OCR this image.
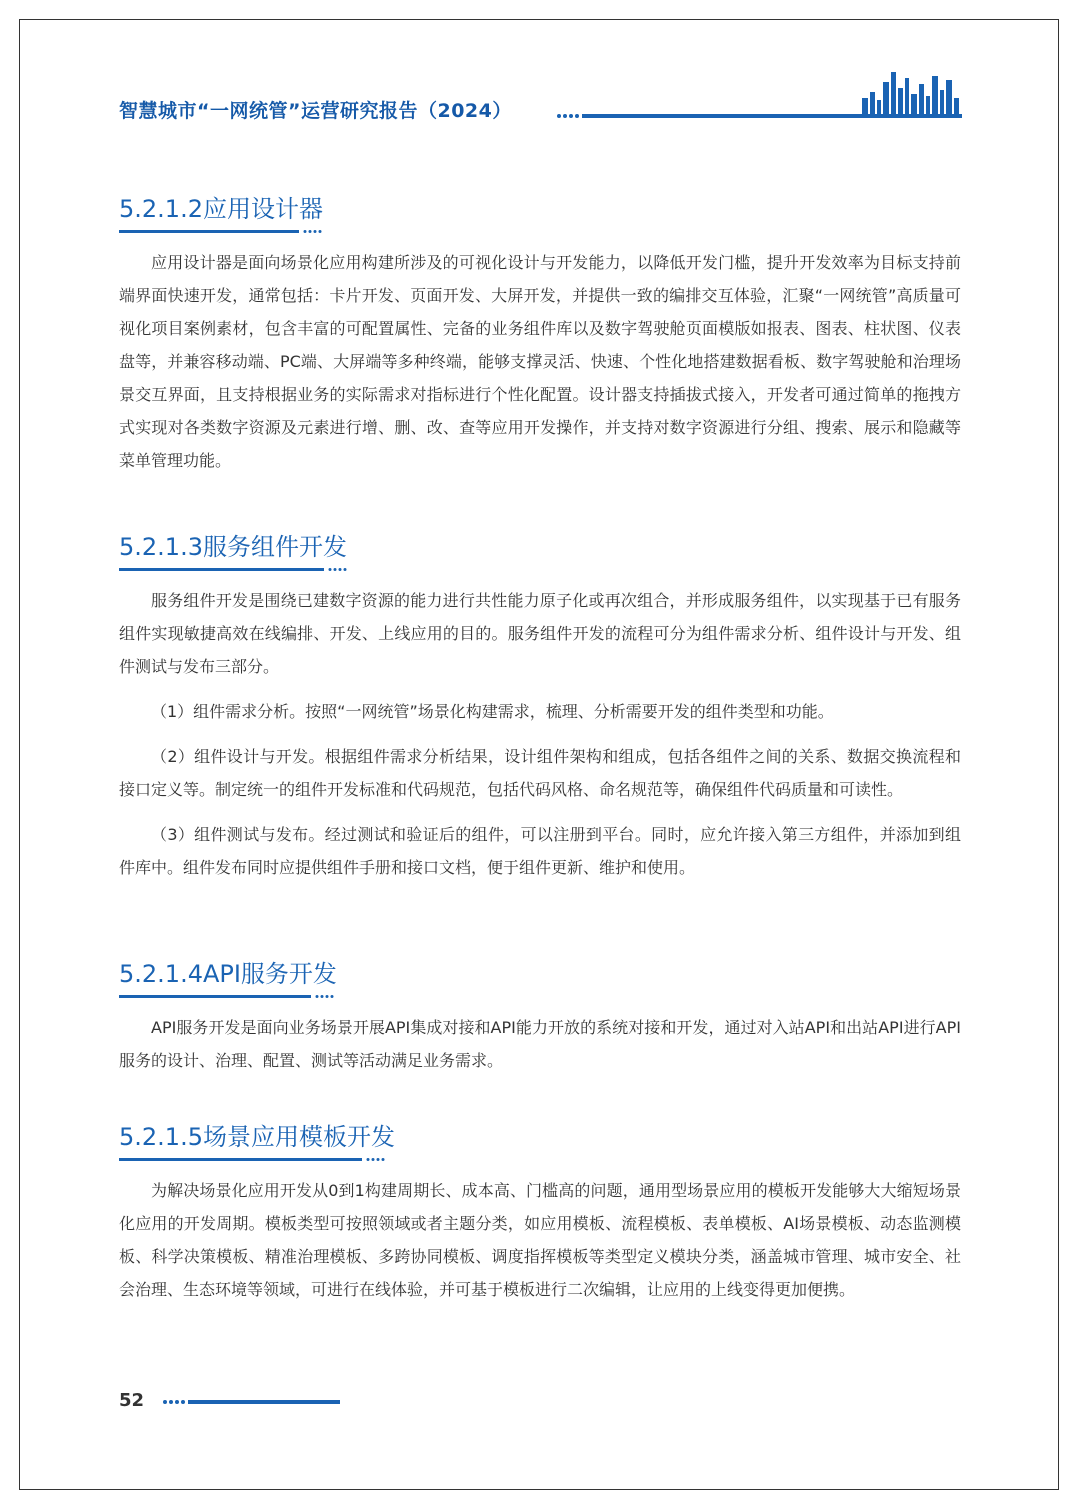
智慧城市“一网统管”运营研究报告（2024）
5.2.1.2应用设计器

应用设计器是面向场景化应用构建所涉及的可视化设计与开发能力，以降低开发门槛，提升开发效率为目标支持前端界面快速开发，通常包括：卡片开发、页面开发、大屏开发，并提供一致的编排交互体验，汇聚“一网统管”高质量可视化项目案例素材，包含丰富的可配置属性、完备的业务组件库以及数字驾驶舱页面模版如报表、图表、柱状图、仪表盘等，并兼容移动端、PC端、大屏端等多种终端，能够支撑灵活、快速、个性化地搭建数据看板、数字驾驶舱和治理场景交互界面，且支持根据业务的实际需求对指标进行个性化配置。设计器支持插拔式接入，开发者可通过简单的拖拽方式实现对各类数字资源及元素进行增、删、改、查等应用开发操作，并支持对数字资源进行分组、搜索、展示和隐藏等菜单管理功能。

5.2.1.3服务组件开发

服务组件开发是围绕已建数字资源的能力进行共性能力原子化或再次组合，并形成服务组件，以实现基于已有服务组件实现敏捷高效在线编排、开发、上线应用的目的。服务组件开发的流程可分为组件需求分析、组件设计与开发、组件测试与发布三部分。

（1）组件需求分析。按照“一网统管”场景化构建需求，梳理、分析需要开发的组件类型和功能。

（2）组件设计与开发。根据组件需求分析结果，设计组件架构和组成，包括各组件之间的关系、数据交换流程和接口定义等。制定统一的组件开发标准和代码规范，包括代码风格、命名规范等，确保组件代码质量和可读性。

（3）组件测试与发布。经过测试和验证后的组件，可以注册到平台。同时，应允许接入第三方组件，并添加到组件库中。组件发布同时应提供组件手册和接口文档，便于组件更新、维护和使用。

5.2.1.4API服务开发

API服务开发是面向业务场景开展API集成对接和API能力开放的系统对接和开发，通过对入站API和出站API进行API服务的设计、治理、配置、测试等活动满足业务需求。

5.2.1.5场景应用模板开发

为解决场景化应用开发从0到1构建周期长、成本高、门槛高的问题，通用型场景应用的模板开发能够大大缩短场景化应用的开发周期。模板类型可按照领域或者主题分类，如应用模板、流程模板、表单模板、AI场景模板、动态监测模板、科学决策模板、精准治理模板、多跨协同模板、调度指挥模板等类型定义模块分类，涵盖城市管理、城市安全、社会治理、生态环境等领域，可进行在线体验，并可基于模板进行二次编辑，让应用的上线变得更加便携。

52
